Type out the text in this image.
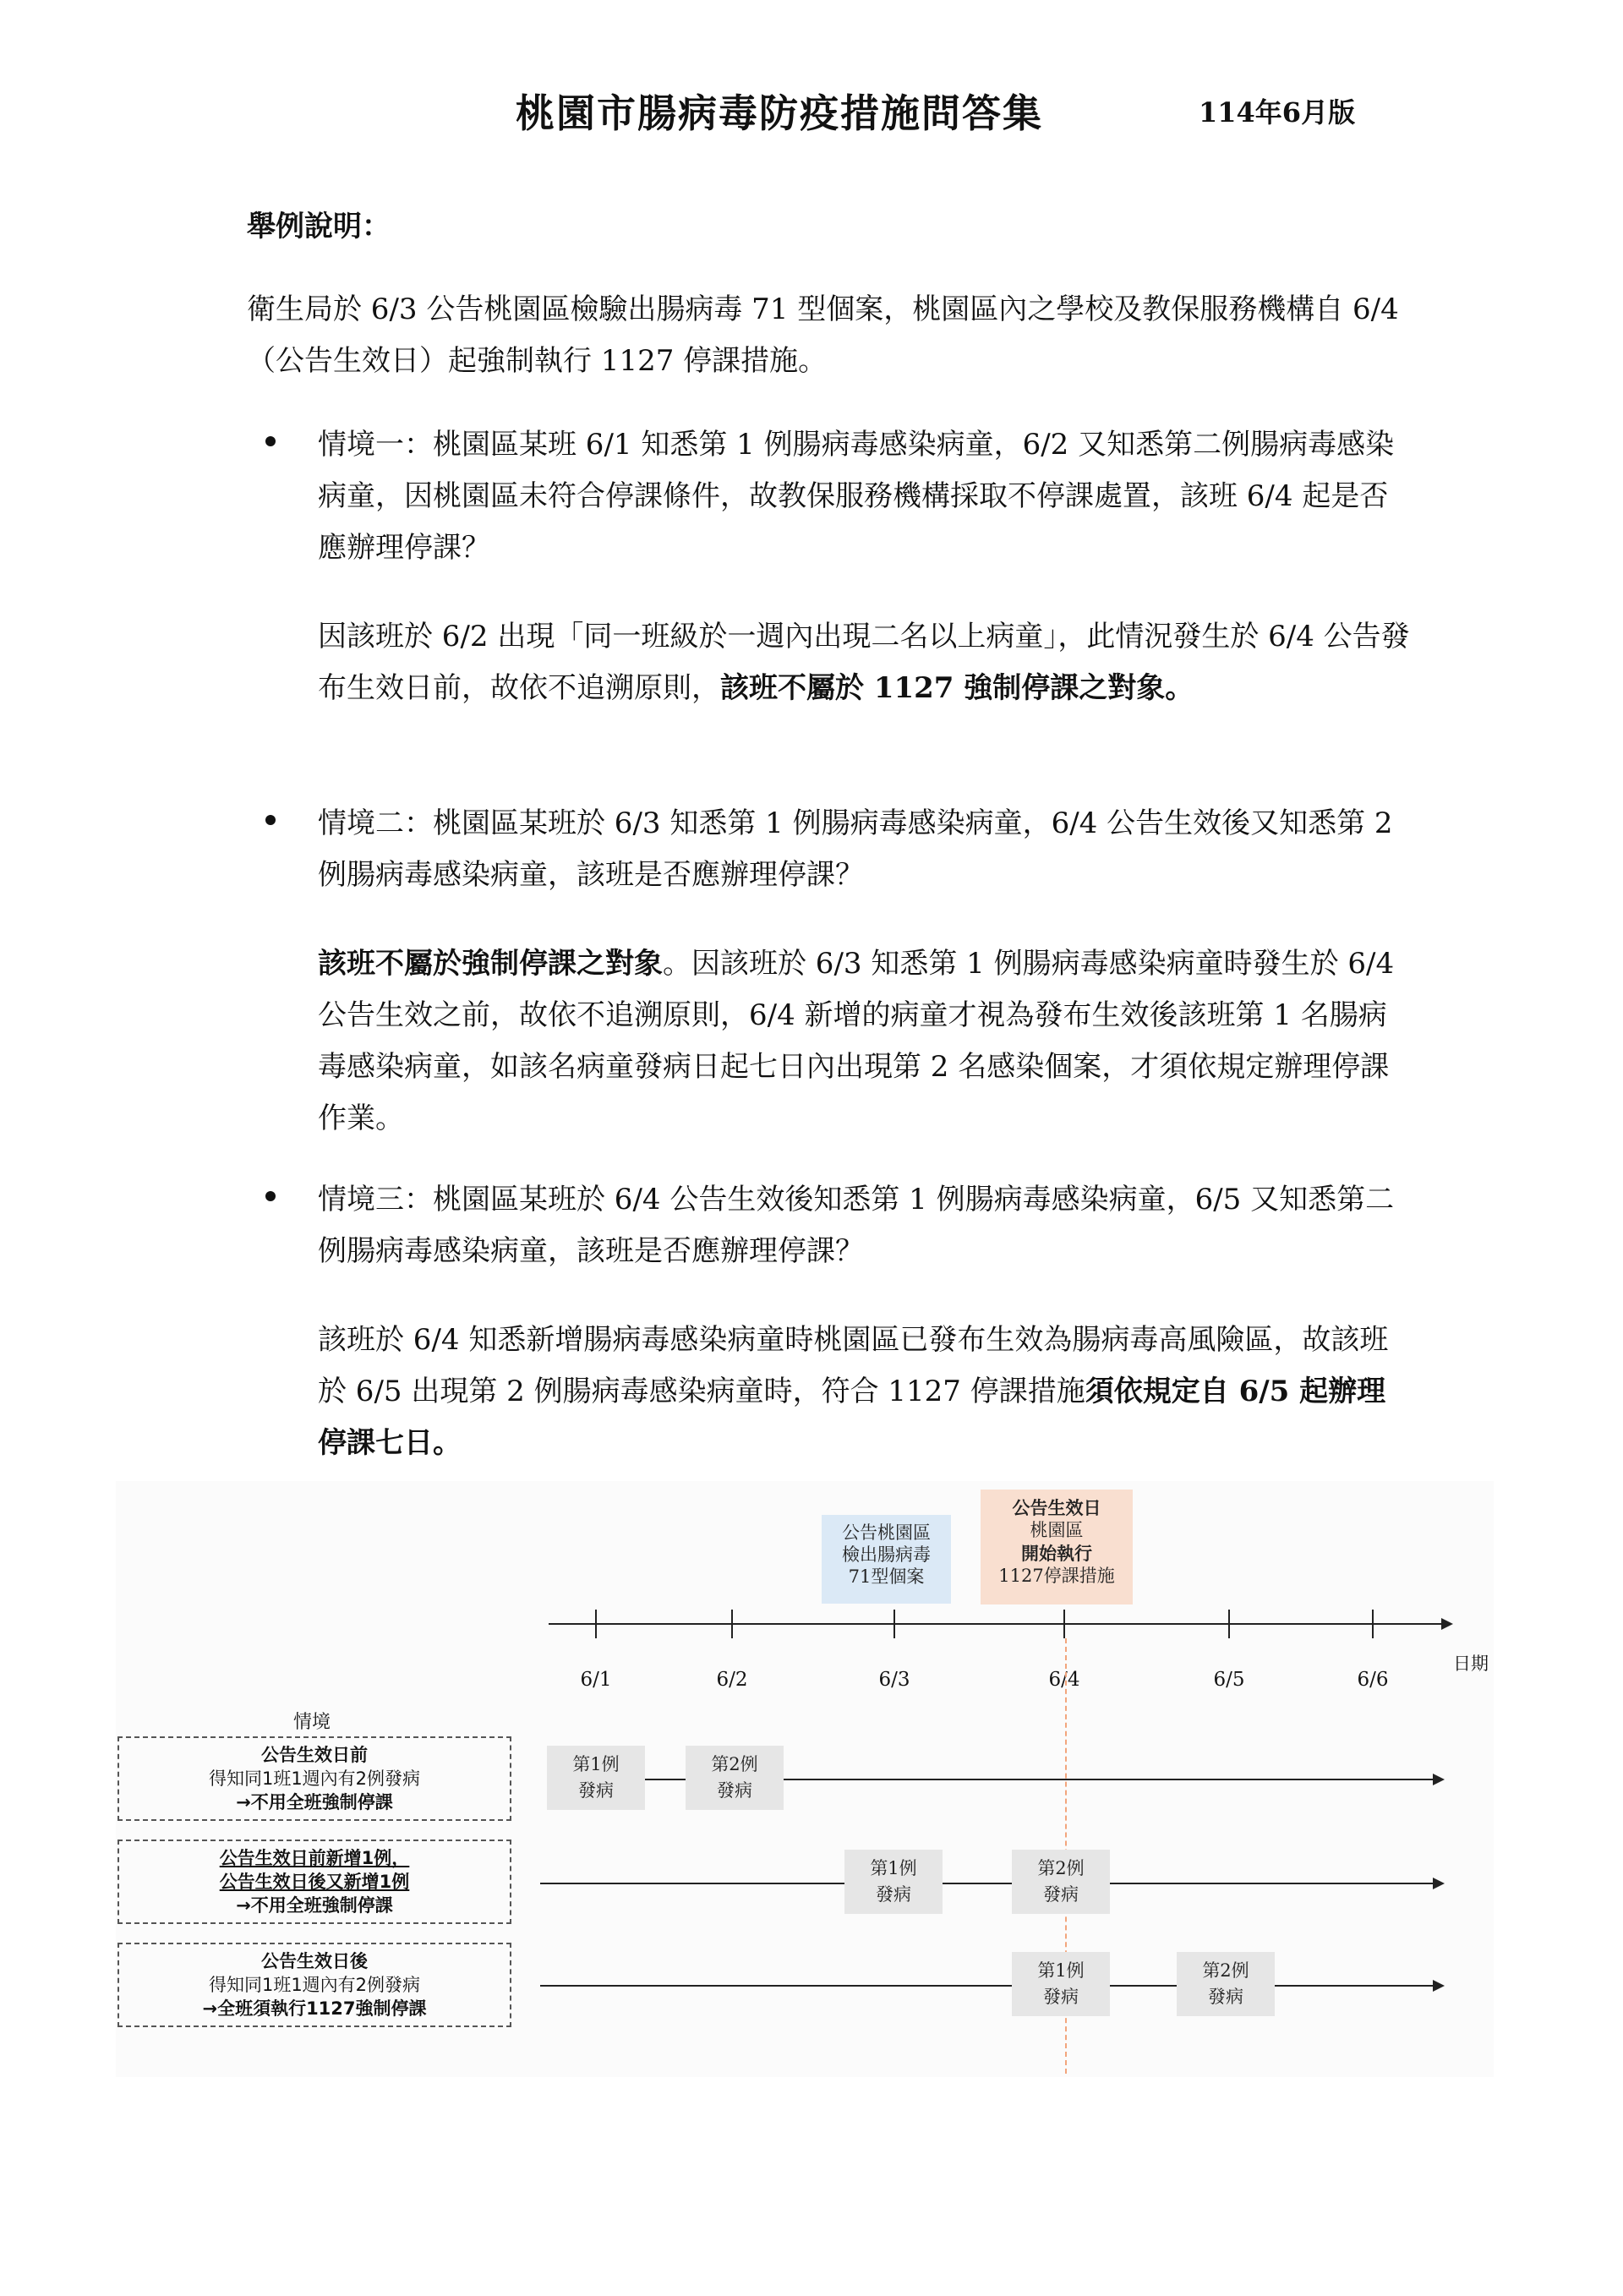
桃園市腸病毒防疫措施問答集	114年6月版
舉例說明：
衛生局於 6/3 公告桃園區檢驗出腸病毒 71 型個案，桃園區內之學校及教保服務機構自 6/4（公告生效日）起強制執行 1127 停課措施。
情境一：桃園區某班 6/1 知悉第 1 例腸病毒感染病童，6/2 又知悉第二例腸病毒感染病童，因桃園區未符合停課條件，故教保服務機構採取不停課處置，該班 6/4 起是否應辦理停課？
因該班於 6/2 出現「同一班級於一週內出現二名以上病童」，此情況發生於 6/4 公告發布生效日前，故依不追溯原則，該班不屬於 1127 強制停課之對象。
情境二：桃園區某班於 6/3 知悉第 1 例腸病毒感染病童，6/4 公告生效後又知悉第 2 例腸病毒感染病童，該班是否應辦理停課？
該班不屬於強制停課之對象。因該班於 6/3 知悉第 1 例腸病毒感染病童時發生於 6/4 公告生效之前，故依不追溯原則，6/4 新增的病童才視為發布生效後該班第 1 名腸病毒感染病童，如該名病童發病日起七日內出現第 2 名感染個案，才須依規定辦理停課作業。
情境三：桃園區某班於 6/4 公告生效後知悉第 1 例腸病毒感染病童，6/5 又知悉第二例腸病毒感染病童，該班是否應辦理停課？
該班於 6/4 知悉新增腸病毒感染病童時桃園區已發布生效為腸病毒高風險區，故該班於 6/5 出現第 2 例腸病毒感染病童時，符合 1127 停課措施須依規定自 6/5 起辦理停課七日。
公告桃園區
檢出腸病毒
71型個案
公告生效日
桃園區
開始執行
1127停課措施
6/1	6/2	6/3	6/4	6/5	6/6
日期
情境
公告生效日前
得知同1班1週內有2例發病
→不用全班強制停課
第1例
發病
第2例
發病
公告生效日前新增1例，
公告生效日後又新增1例
→不用全班強制停課
第1例
發病
第2例
發病
公告生效日後
得知同1班1週內有2例發病
→全班須執行1127強制停課
第1例
發病
第2例
發病
